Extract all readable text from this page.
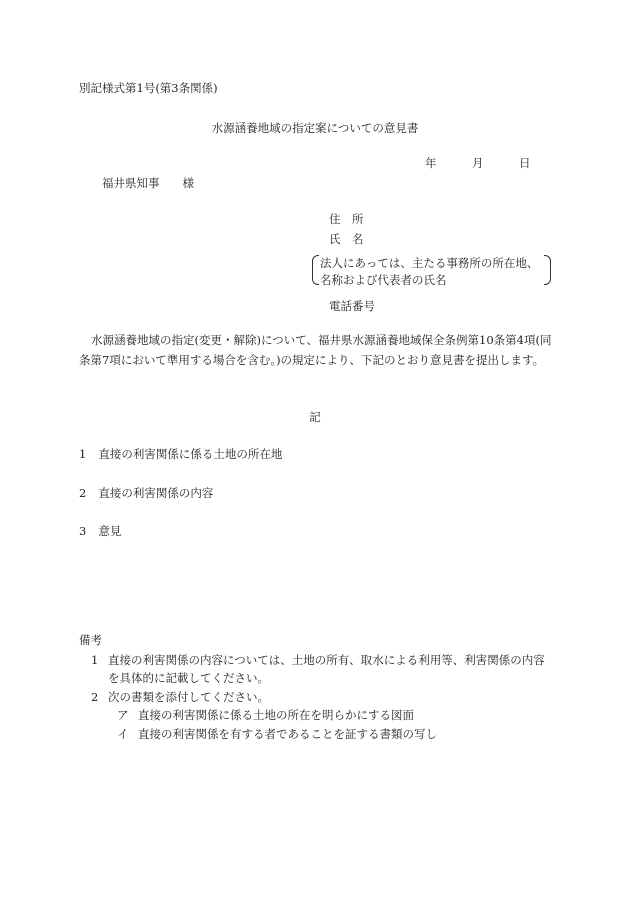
別記様式第1号(第3条関係)
水源涵養地域の指定案についての意見書
年	月	日
福井県知事　　様
住　所
氏　名
法人にあっては、主たる事務所の所在地、
名称および代表者の氏名
電話番号
水源涵養地域の指定(変更・解除)について、福井県水源涵養地域保全条例第10条第4項(同
条第7項において準用する場合を含む。)の規定により、下記のとおり意見書を提出します。
記
1 直接の利害関係に係る土地の所在地
2 直接の利害関係の内容
3 意見
備考
1 直接の利害関係の内容については、土地の所有、取水による利用等、利害関係の内容
を具体的に記載してください。
2 次の書類を添付してください。
ア 直接の利害関係に係る土地の所在を明らかにする図面
イ 直接の利害関係を有する者であることを証する書類の写し
